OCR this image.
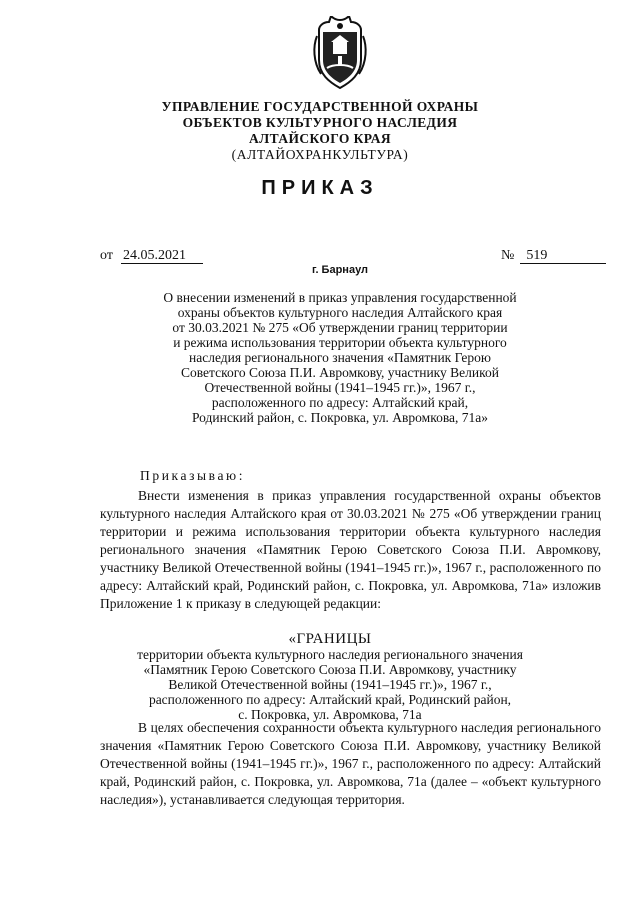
УПРАВЛЕНИЕ ГОСУДАРСТВЕННОЙ ОХРАНЫ
ОБЪЕКТОВ КУЛЬТУРНОГО НАСЛЕДИЯ
АЛТАЙСКОГО КРАЯ
(АЛТАЙОХРАНКУЛЬТУРА)
ПРИКАЗ
от 24.05.2021	№ 519
г. Барнаул
О внесении изменений в приказ управления государственной
охраны объектов культурного наследия Алтайского края
от 30.03.2021 № 275 «Об утверждении границ территории
и режима использования территории объекта культурного
наследия регионального значения «Памятник Герою
Советского Союза П.И. Авромкову, участнику Великой
Отечественной войны (1941–1945 гг.)», 1967 г.,
расположенного по адресу: Алтайский край,
Родинский район, с. Покровка, ул. Авромкова, 71а»
Приказываю:
Внести изменения в приказ управления государственной охраны объектов культурного наследия Алтайского края от 30.03.2021 № 275 «Об утверждении границ территории и режима использования территории объекта культурного наследия регионального значения «Памятник Герою Советского Союза П.И. Авромкову, участнику Великой Отечественной войны (1941–1945 гг.)», 1967 г., расположенного по адресу: Алтайский край, Родинский район, с. Покровка, ул. Авромкова, 71а» изложив Приложение 1 к приказу в следующей редакции:
«ГРАНИЦЫ
территории объекта культурного наследия регионального значения
«Памятник Герою Советского Союза П.И. Авромкову, участнику
Великой Отечественной войны (1941–1945 гг.)», 1967 г.,
расположенного по адресу: Алтайский край, Родинский район,
с. Покровка, ул. Авромкова, 71а
В целях обеспечения сохранности объекта культурного наследия регионального значения «Памятник Герою Советского Союза П.И. Авромкову, участнику Великой Отечественной войны (1941–1945 гг.)», 1967 г., расположенного по адресу: Алтайский край, Родинский район, с. Покровка, ул. Авромкова, 71а (далее – «объект культурного наследия»), устанавливается следующая территория.
